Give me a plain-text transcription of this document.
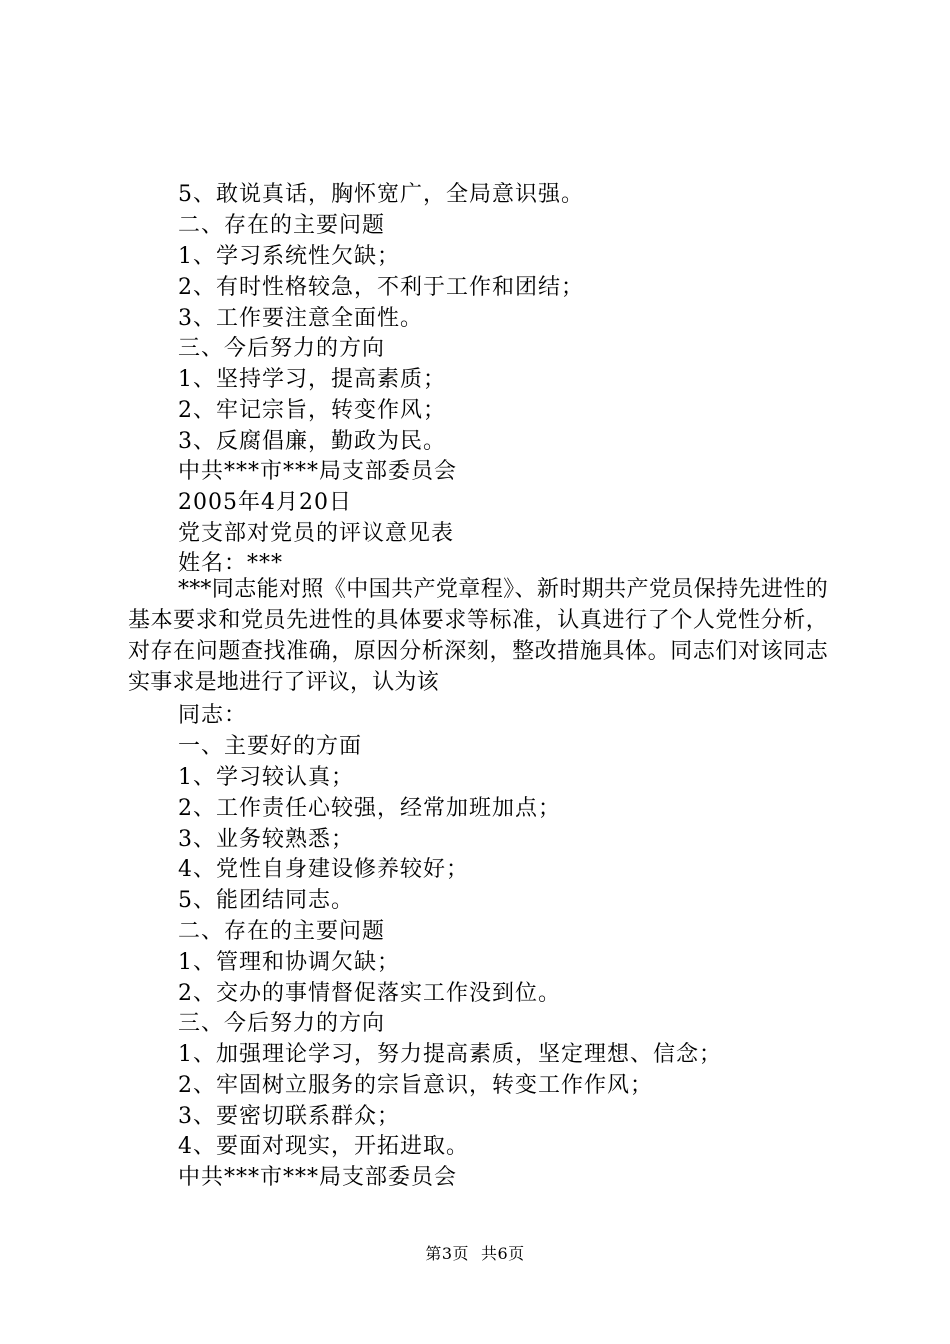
5、敢说真话，胸怀宽广，全局意识强。
二、存在的主要问题
1、学习系统性欠缺；
2、有时性格较急，不利于工作和团结；
3、工作要注意全面性。
三、今后努力的方向
1、坚持学习，提高素质；
2、牢记宗旨，转变作风；
3、反腐倡廉，勤政为民。
中共***市***局支部委员会
2005年4月20日
党支部对党员的评议意见表
姓名：***
***同志能对照《中国共产党章程》、新时期共产党员保持先进性的基本要求和党员先进性的具体要求等标准，认真进行了个人党性分析，对存在问题查找准确，原因分析深刻，整改措施具体。同志们对该同志实事求是地进行了评议，认为该
同志：
一、主要好的方面
1、学习较认真；
2、工作责任心较强，经常加班加点；
3、业务较熟悉；
4、党性自身建设修养较好；
5、能团结同志。
二、存在的主要问题
1、管理和协调欠缺；
2、交办的事情督促落实工作没到位。
三、今后努力的方向
1、加强理论学习，努力提高素质，坚定理想、信念；
2、牢固树立服务的宗旨意识，转变工作作风；
3、要密切联系群众；
4、要面对现实，开拓进取。
中共***市***局支部委员会
第3页 共6页
